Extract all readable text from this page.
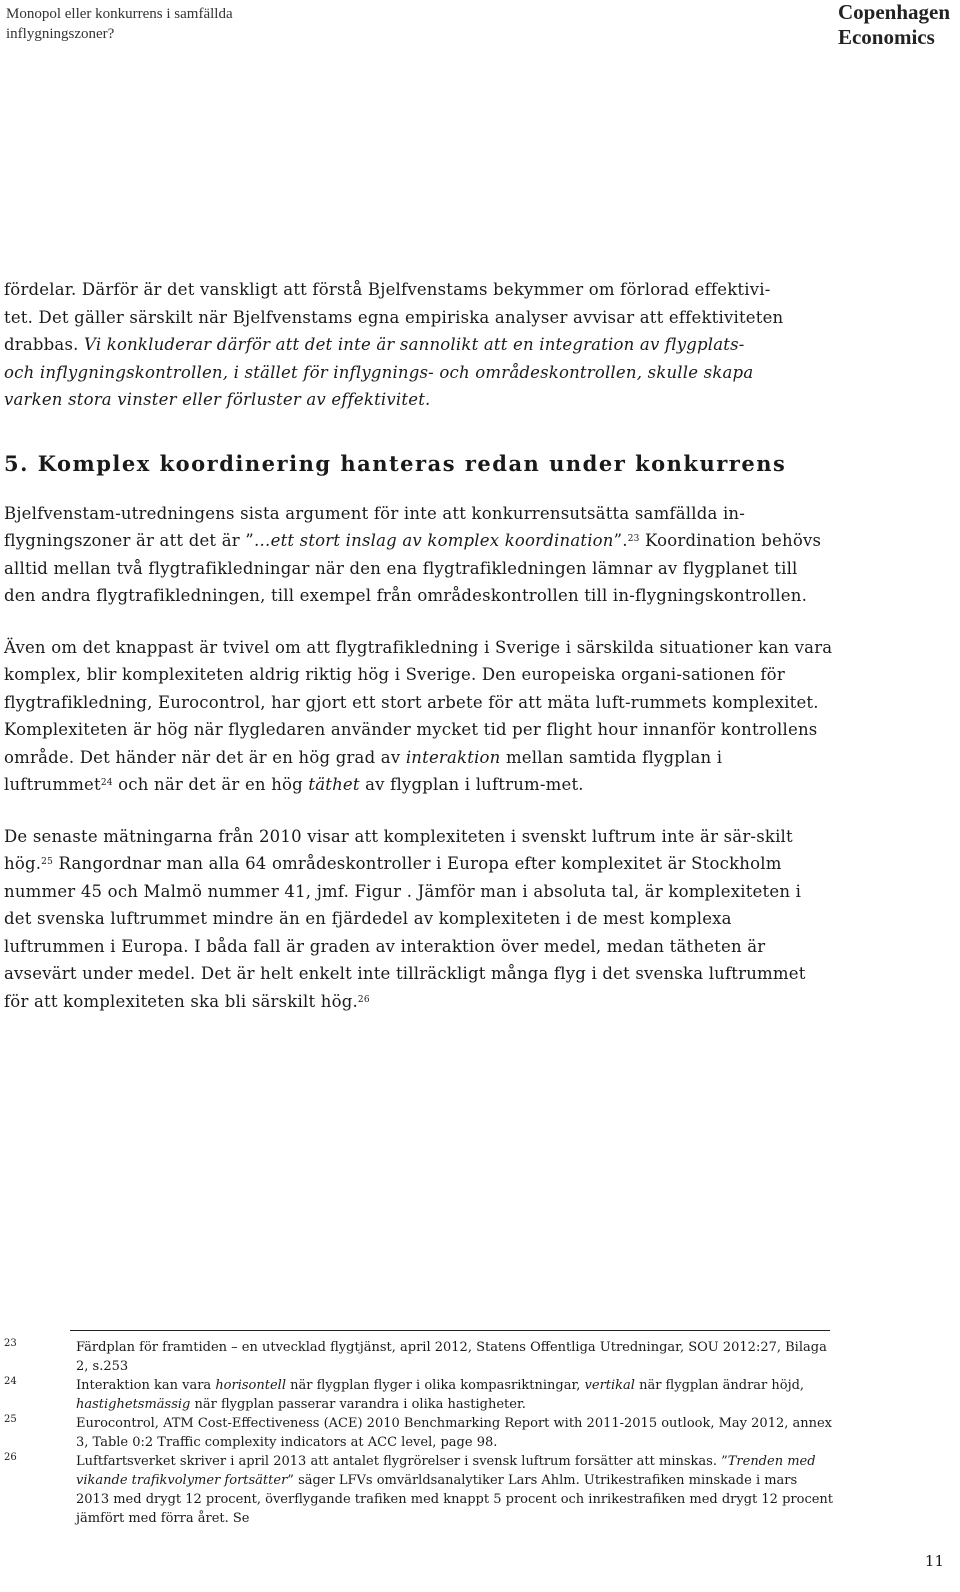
Monopol eller konkurrens i samfällda
inflygningszoner?
Copenhagen
Economics

fördelar. Därför är det vanskligt att förstå Bjelfvenstams bekymmer om förlorad effektivi-
tet. Det gäller särskilt när Bjelfvenstams egna empiriska analyser avvisar att effektiviteten
drabbas. Vi konkluderar därför att det inte är sannolikt att en integration av flygplats-
och inflygningskontrollen, i stället för inflygnings- och områdeskontrollen, skulle skapa
varken stora vinster eller förluster av effektivitet.

5. Komplex koordinering hanteras redan under konkurrens

Bjelfvenstam-utredningens sista argument för inte att konkurrensutsätta samfällda in-flygningszoner är att det är ”…ett stort inslag av komplex koordination”.$^{23}$ Koordination behövs alltid mellan två flygtrafikledningar när den ena flygtrafikledningen lämnar av flygplanet till den andra flygtrafikledningen, till exempel från områdeskontrollen till in-flygningskontrollen.

Även om det knappast är tvivel om att flygtrafikledning i Sverige i särskilda situationer kan vara komplex, blir komplexiteten aldrig riktig hög i Sverige. Den europeiska organi-sationen för flygtrafikledning, Eurocontrol, har gjort ett stort arbete för att mäta luft-rummets komplexitet. Komplexiteten är hög när flygledaren använder mycket tid per flight hour innanför kontrollens område. Det händer när det är en hög grad av interaktion mellan samtida flygplan i luftrummet$^{24}$ och när det är en hög täthet av flygplan i luftrum-met.

De senaste mätningarna från 2010 visar att komplexiteten i svenskt luftrum inte är sär-skilt hög.$^{25}$ Rangordnar man alla 64 områdeskontroller i Europa efter komplexitet är Stockholm nummer 45 och Malmö nummer 41, jmf. Figur . Jämför man i absoluta tal, är komplexiteten i det svenska luftrummet mindre än en fjärdedel av komplexiteten i de mest komplexa luftrummen i Europa. I båda fall är graden av interaktion över medel, medan tätheten är avsevärt under medel. Det är helt enkelt inte tillräckligt många flyg i det svenska luftrummet för att komplexiteten ska bli särskilt hög.$^{26}$

23	Färdplan för framtiden – en utvecklad flygtjänst, april 2012, Statens Offentliga Utredningar, SOU 2012:27, Bilaga 2, s.253
24	Interaktion kan vara horisontell när flygplan flyger i olika kompasriktningar, vertikal när flygplan ändrar höjd, hastighetsmässig när flygplan passerar varandra i olika hastigheter.
25	Eurocontrol, ATM Cost-Effectiveness (ACE) 2010 Benchmarking Report with 2011-2015 outlook, May 2012, annex 3, Table 0:2 Traffic complexity indicators at ACC level, page 98.
26	Luftfartsverket skriver i april 2013 att antalet flygrörelser i svensk luftrum forsätter att minskas. ”Trenden med vikande trafikvolymer fortsätter” säger LFVs omvärldsanalytiker Lars Ahlm. Utrikestrafiken minskade i mars 2013 med drygt 12 procent, överflygande trafiken med knappt 5 procent och inrikestrafiken med drygt 12 procent jämfört med förra året. Se
11
